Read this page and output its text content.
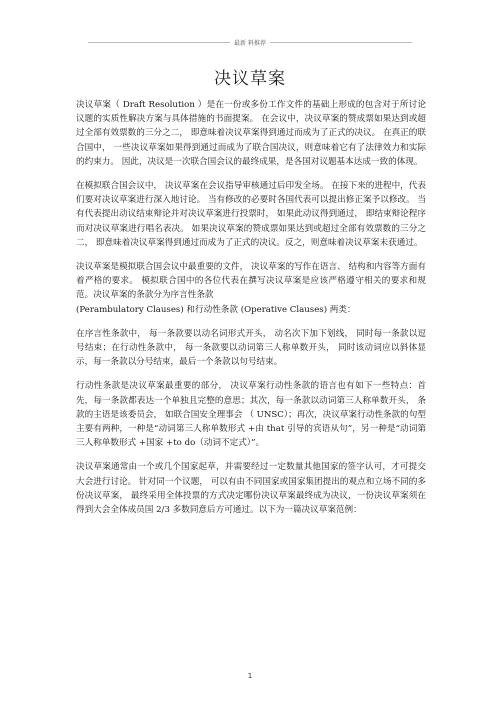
最新 料推荐
决议草案

决议草案（ Draft Resolution ）是在一份或多份工作文件的基础上形成的包含对于所讨论议题的实质性解决方案与具体措施的书面提案。 在会议中，决议草案的赞成票如果达到或超过全部有效票数的三分之二， 即意味着决议草案得到通过而成为了正式的决议。 在真正的联合国中， 一些决议草案如果得到通过而成为了联合国决议，则意味着它有了法律效力和实际的约束力。 因此，决议是一次联合国会议的最终成果，是各国对议题基本达成一致的体现。

在模拟联合国会议中， 决议草案在会议指导审核通过后印发全场。 在接下来的进程中，代表们要对决议草案进行深入地讨论。 当有修改的必要时各国代表可以提出修正案予以修改。 当有代表提出动议结束辩论并对决议草案进行投票时， 如果此动议得到通过， 即结束辩论程序而对决议草案进行唱名表决。 如果决议草案的赞成票如果达到或超过全部有效票数的三分之二， 即意味着决议草案得到通过而成为了正式的决议。反之，则意味着决议草案未获通过。

决议草案是模拟联合国会议中最重要的文件， 决议草案的写作在语言、 结构和内容等方面有着严格的要求。 模拟联合国中的各位代表在撰写决议草案是应该严格遵守相关的要求和规范。决议草案的条款分为序言性条款

(Perambulatory Clauses) 和行动性条款 (Operative Clauses) 两类：

在序言性条款中， 每一条款要以动名词形式开头， 动名次下加下划线， 同时每一条款以逗号结束；在行动性条款中， 每一条款要以动词第三人称单数开头， 同时该动词应以斜体显示，每一条款以分号结束，最后一个条款以句号结束。

行动性条款是决议草案最重要的部分， 决议草案行动性条款的语言也有如下一些特点：首先，每一条款都表达一个单独且完整的意思；其次，每一条款以动词第三人称单数开头， 条款的主语是该委员会， 如联合国安全理事会 （ UNSC）；再次，决议草案行动性条款的句型主要有两种，一种是“动词第三人称单数形式 +由 that 引导的宾语从句”，另一种是“动词第三人称单数形式 +国家 +to do（动词不定式）”。

决议草案通常由一个或几个国家起草，并需要经过一定数量其他国家的签字认可，才可提交大会进行讨论。 针对同一个议题， 可以有由不同国家或国家集团提出的观点和立场不同的多份决议草案， 最终采用全体投票的方式决定哪份决议草案最终成为决议，一份决议草案须在得到大会全体成员国 2/3 多数同意后方可通过。以下为一篇决议草案范例：

1
